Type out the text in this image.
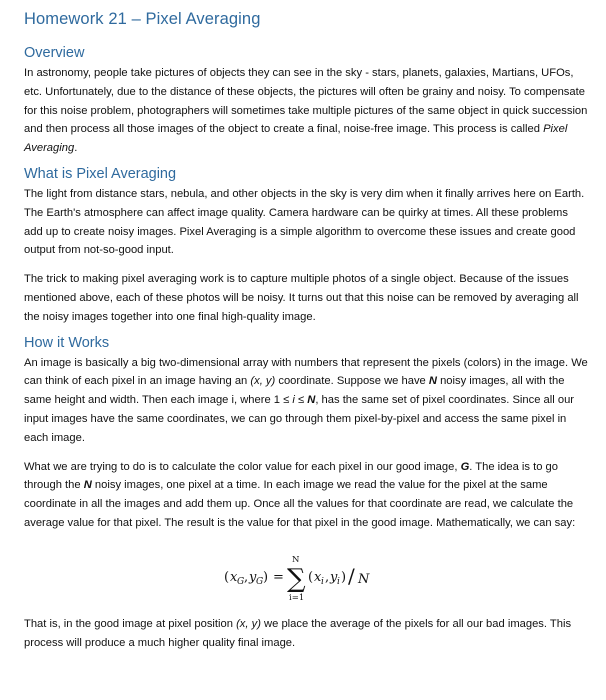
Homework 21 – Pixel Averaging
Overview

In astronomy, people take pictures of objects they can see in the sky - stars, planets, galaxies, Martians, UFOs, etc. Unfortunately, due to the distance of these objects, the pictures will often be grainy and noisy. To compensate for this noise problem, photographers will sometimes take multiple pictures of the same object in quick succession and then process all those images of the object to create a final, noise-free image. This process is called Pixel Averaging.

What is Pixel Averaging

The light from distance stars, nebula, and other objects in the sky is very dim when it finally arrives here on Earth. The Earth's atmosphere can affect image quality. Camera hardware can be quirky at times. All these problems add up to create noisy images. Pixel Averaging is a simple algorithm to overcome these issues and create good output from not-so-good input.

The trick to making pixel averaging work is to capture multiple photos of a single object. Because of the issues mentioned above, each of these photos will be noisy. It turns out that this noise can be removed by averaging all the noisy images together into one final high-quality image.

How it Works

An image is basically a big two-dimensional array with numbers that represent the pixels (colors) in the image. We can think of each pixel in an image having an (x, y) coordinate. Suppose we have N noisy images, all with the same height and width. Then each image i, where 1 ≤ i ≤ N, has the same set of pixel coordinates. Since all our input images have the same coordinates, we can go through them pixel-by-pixel and access the same pixel in each image.

What we are trying to do is to calculate the color value for each pixel in our good image, G. The idea is to go through the N noisy images, one pixel at a time. In each image we read the value for the pixel at the same coordinate in all the images and add them up. Once all the values for that coordinate are read, we calculate the average value for that pixel. The result is the value for that pixel in the good image. Mathematically, we can say:

( x G , y G ) =
N
∑
i=1
( x i , y i ) / N

That is, in the good image at pixel position (x, y) we place the average of the pixels for all our bad images. This process will produce a much higher quality final image.
